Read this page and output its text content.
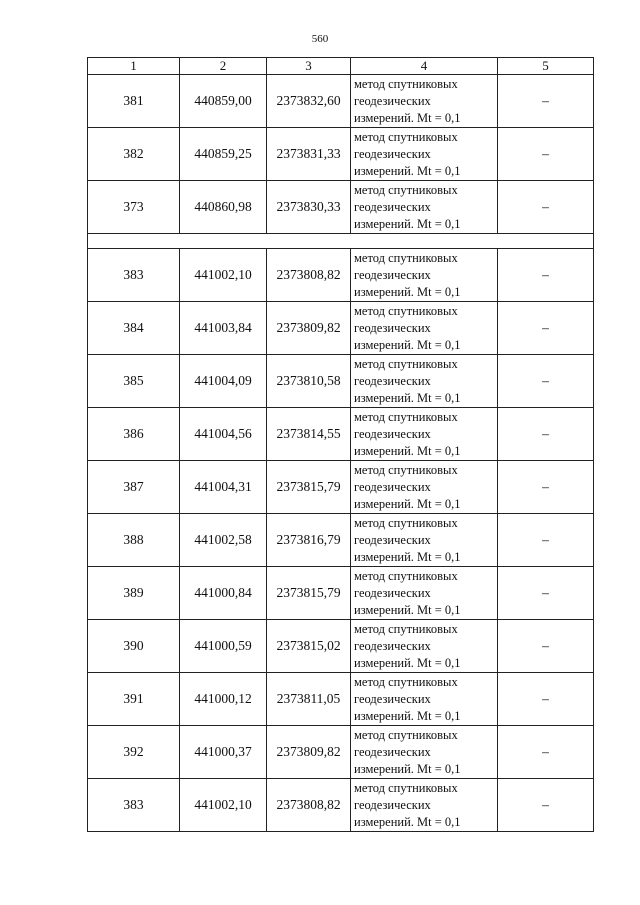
560
1	2	3	4	5
381	440859,00	2373832,60	метод спутниковых
геодезических
измерений. Mt = 0,1	–
382	440859,25	2373831,33	метод спутниковых
геодезических
измерений. Mt = 0,1	–
373	440860,98	2373830,33	метод спутниковых
геодезических
измерений. Mt = 0,1	–

383	441002,10	2373808,82	метод спутниковых
геодезических
измерений. Mt = 0,1	–
384	441003,84	2373809,82	метод спутниковых
геодезических
измерений. Mt = 0,1	–
385	441004,09	2373810,58	метод спутниковых
геодезических
измерений. Mt = 0,1	–
386	441004,56	2373814,55	метод спутниковых
геодезических
измерений. Mt = 0,1	–
387	441004,31	2373815,79	метод спутниковых
геодезических
измерений. Mt = 0,1	–
388	441002,58	2373816,79	метод спутниковых
геодезических
измерений. Mt = 0,1	–
389	441000,84	2373815,79	метод спутниковых
геодезических
измерений. Mt = 0,1	–
390	441000,59	2373815,02	метод спутниковых
геодезических
измерений. Mt = 0,1	–
391	441000,12	2373811,05	метод спутниковых
геодезических
измерений. Mt = 0,1	–
392	441000,37	2373809,82	метод спутниковых
геодезических
измерений. Mt = 0,1	–
383	441002,10	2373808,82	метод спутниковых
геодезических
измерений. Mt = 0,1	–
